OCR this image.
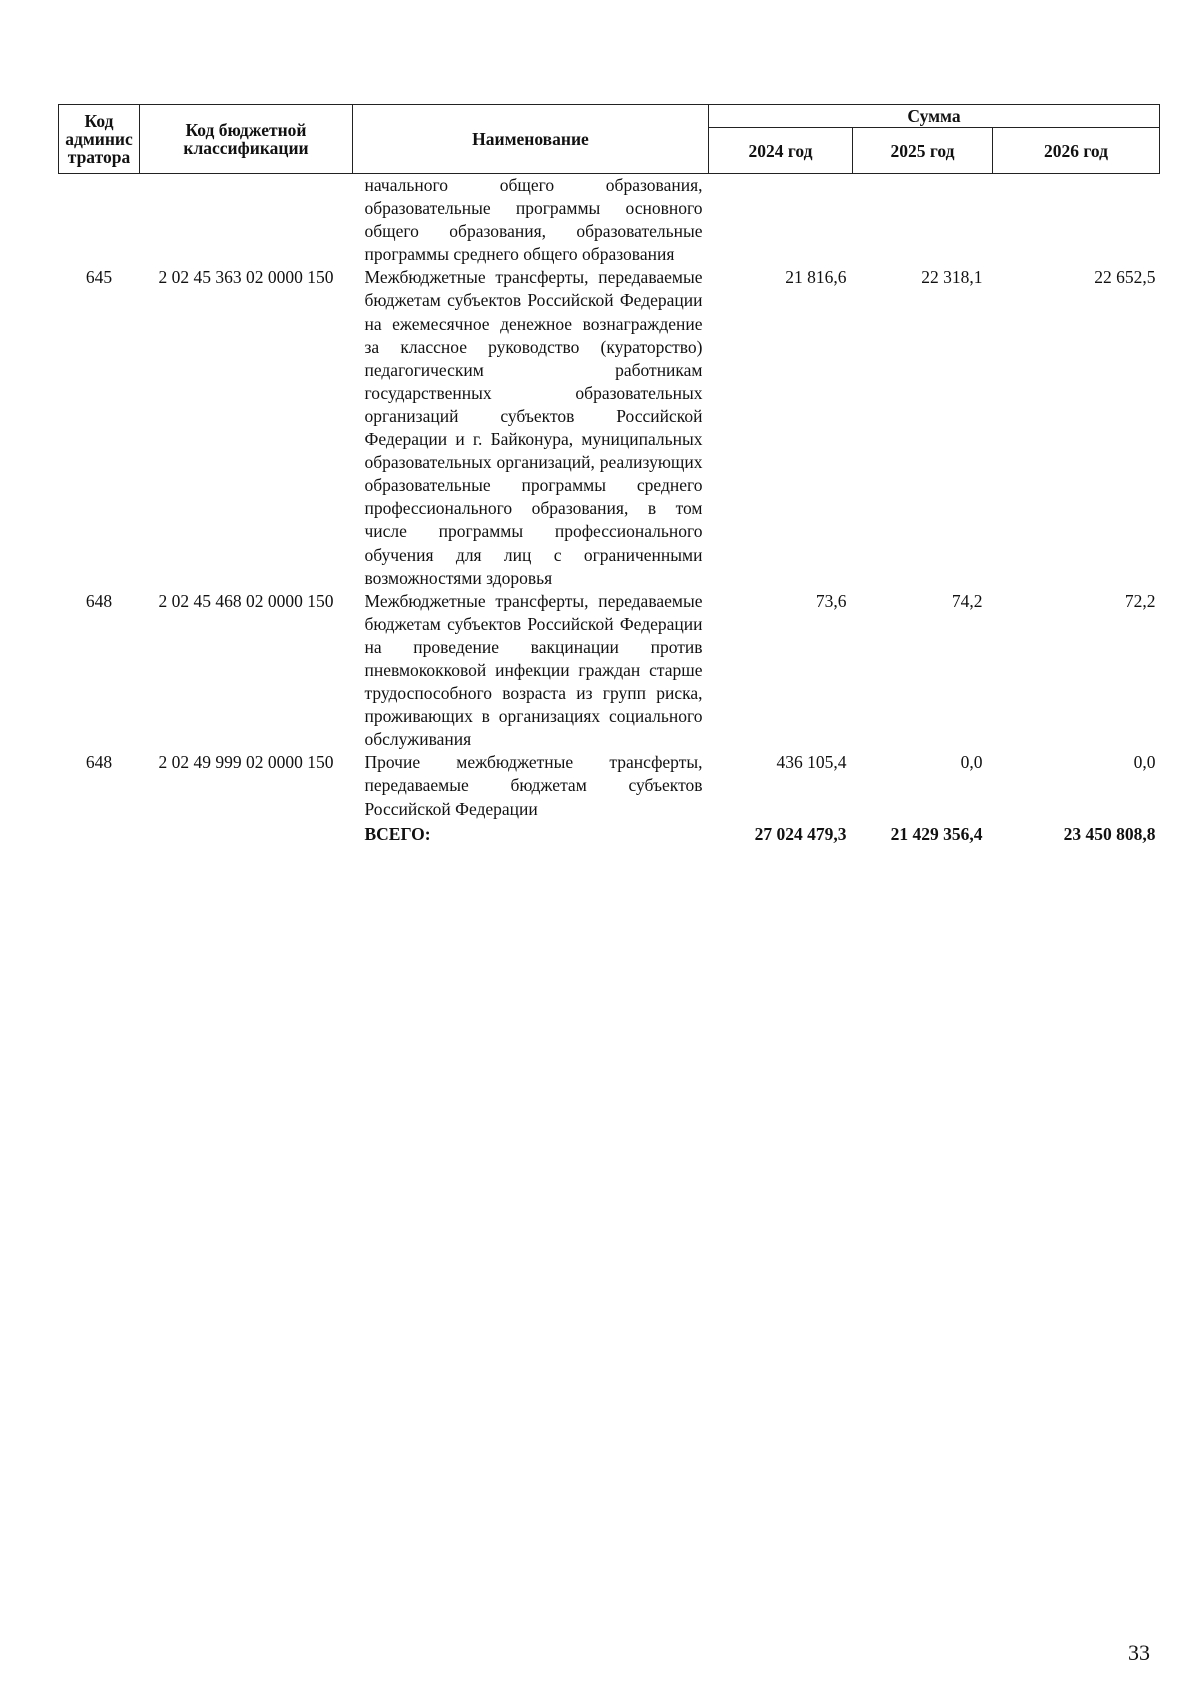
Код
админис
тратора	Код бюджетной классификации	Наименование	Сумма		
			2024 год	2025 год	2026 год

		начального общего образования, образовательные программы основного общего образования, образовательные программы среднего общего образования			

645	2 02 45 363 02 0000 150	Межбюджетные трансферты, передаваемые бюджетам субъектов Российской Федерации на ежемесячное денежное вознаграждение за классное руководство (кураторство) педагогическим работникам государственных образовательных организаций субъектов Российской Федерации и г. Байконура, муниципальных образовательных организаций, реализующих образовательные программы среднего профессионального образования, в том числе программы профессионального обучения для лиц с ограниченными возможностями здоровья	21 816,6	22 318,1	22 652,5
648	2 02 45 468 02 0000 150	Межбюджетные трансферты, передаваемые бюджетам субъектов Российской Федерации на проведение вакцинации против пневмококковой инфекции граждан старше трудоспособного возраста из групп риска, проживающих в организациях социального обслуживания	73,6	74,2	72,2
648	2 02 49 999 02 0000 150	Прочие межбюджетные трансферты, передаваемые бюджетам субъектов Российской Федерации	436 105,4	0,0	0,0
		ВСЕГО:	27 024 479,3	21 429 356,4	23 450 808,8
33
